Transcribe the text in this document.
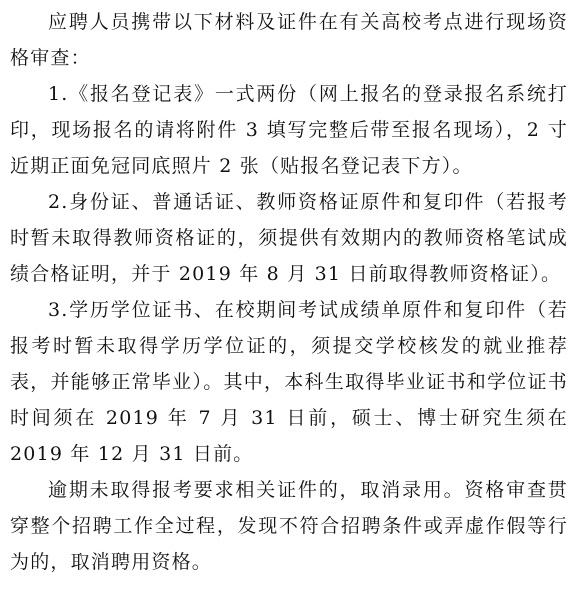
应聘人员携带以下材料及证件在有关高校考点进行现场资格审查：

1.《报名登记表》一式两份（网上报名的登录报名系统打印，现场报名的请将附件 3 填写完整后带至报名现场），2 寸近期正面免冠同底照片 2 张（贴报名登记表下方）。

2.身份证、普通话证、教师资格证原件和复印件（若报考时暂未取得教师资格证的，须提供有效期内的教师资格笔试成绩合格证明，并于 2019 年 8 月 31 日前取得教师资格证）。

3.学历学位证书、在校期间考试成绩单原件和复印件（若报考时暂未取得学历学位证的，须提交学校核发的就业推荐表，并能够正常毕业）。其中，本科生取得毕业证书和学位证书时间须在 2019 年 7 月 31 日前，硕士、博士研究生须在 2019 年 12 月 31 日前。

逾期未取得报考要求相关证件的，取消录用。资格审查贯穿整个招聘工作全过程，发现不符合招聘条件或弄虚作假等行为的，取消聘用资格。
